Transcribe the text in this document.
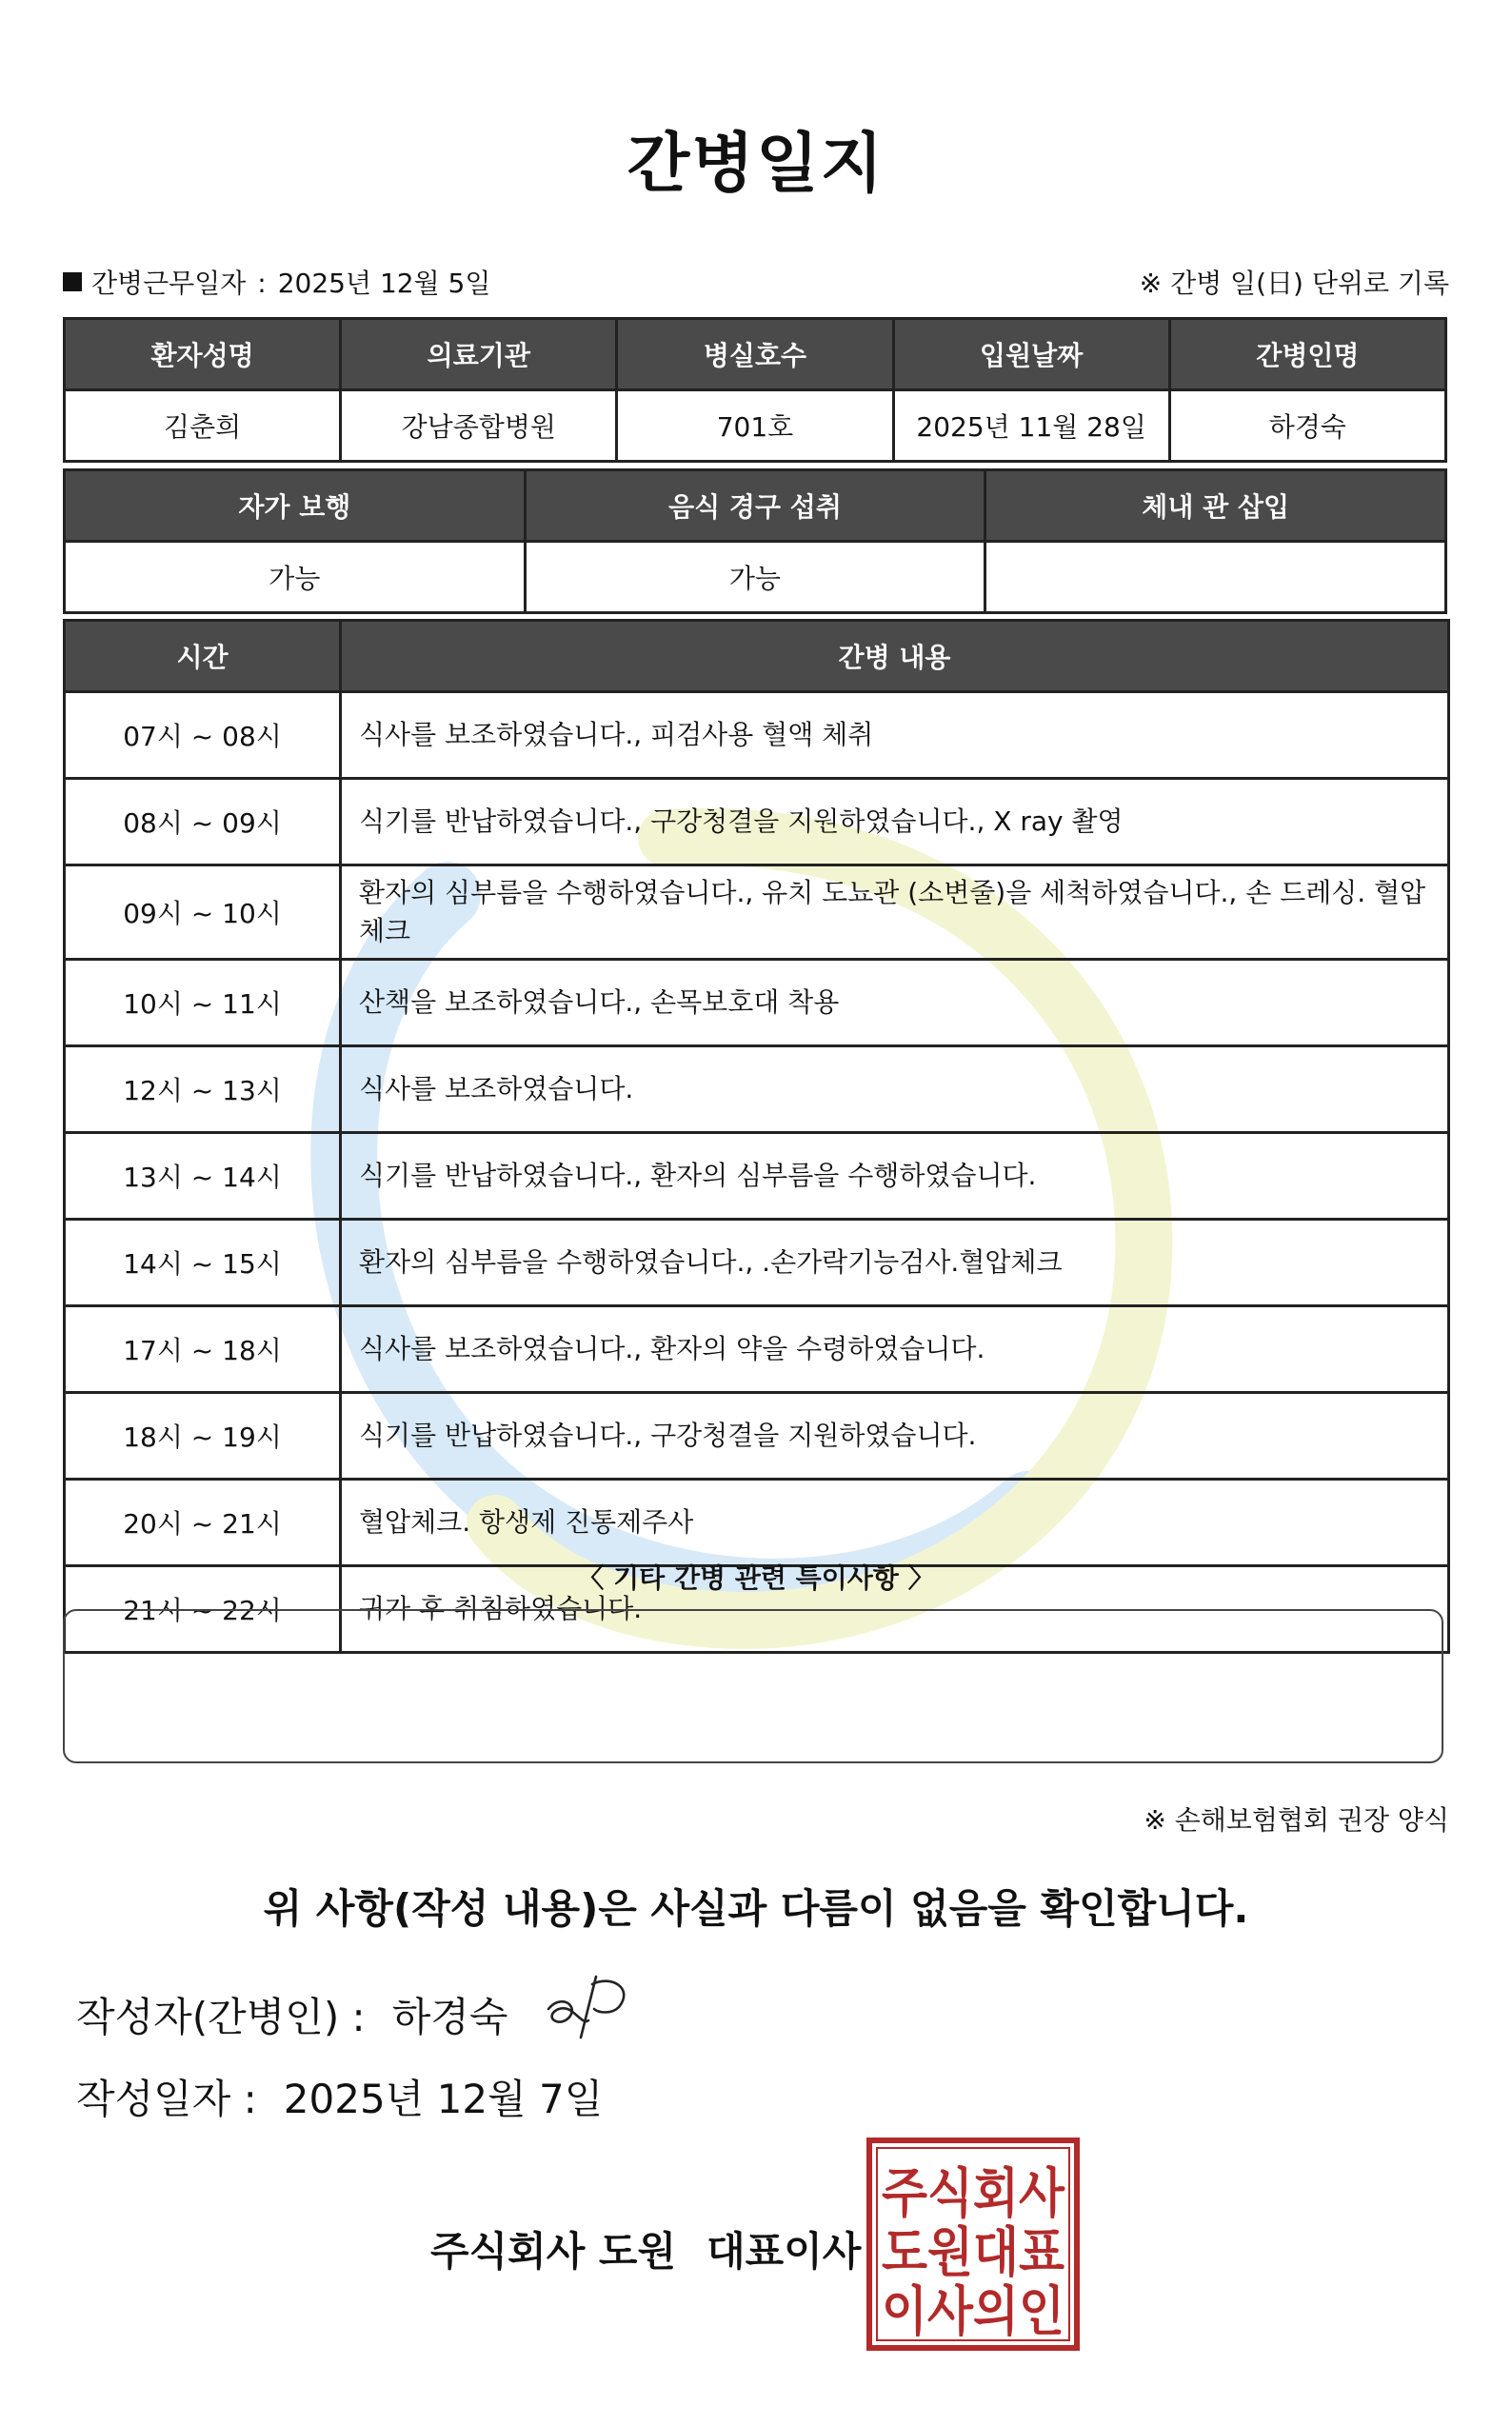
간병일지
간병근무일자 : 2025년 12월 5일	※ 간병 일(日) 단위로 기록
환자성명	의료기관	병실호수	입원날짜	간병인명
김춘희	강남종합병원	701호	2025년 11월 28일	하경숙
자가 보행	음식 경구 섭취	체내 관 삽입
가능	가능	
시간	간병 내용
07시 ~ 08시	식사를 보조하였습니다., 피검사용 혈액 체취
08시 ~ 09시	식기를 반납하였습니다., 구강청결을 지원하였습니다., X ray 촬영
09시 ~ 10시	환자의 심부름을 수행하였습니다., 유치 도뇨관 (소변줄)을 세척하였습니다., 손 드레싱. 혈압체크
10시 ~ 11시	산책을 보조하였습니다., 손목보호대 착용
12시 ~ 13시	식사를 보조하였습니다.
13시 ~ 14시	식기를 반납하였습니다., 환자의 심부름을 수행하였습니다.
14시 ~ 15시	환자의 심부름을 수행하였습니다., .손가락기능검사.혈압체크
17시 ~ 18시	식사를 보조하였습니다., 환자의 약을 수령하였습니다.
18시 ~ 19시	식기를 반납하였습니다., 구강청결을 지원하였습니다.
20시 ~ 21시	혈압체크. 항생제 진통제주사
21시 ~ 22시	귀가 후 취침하였습니다.
〈 기타 간병 관련 특이사항 〉
※ 손해보험협회 권장 양식
위 사항(작성 내용)은 사실과 다름이 없음을 확인합니다.
작성자(간병인) : 하경숙
작성일자 : 2025년 12월 7일
주식회사 도원 대표이사
주식회사
도원대표
이사의인
